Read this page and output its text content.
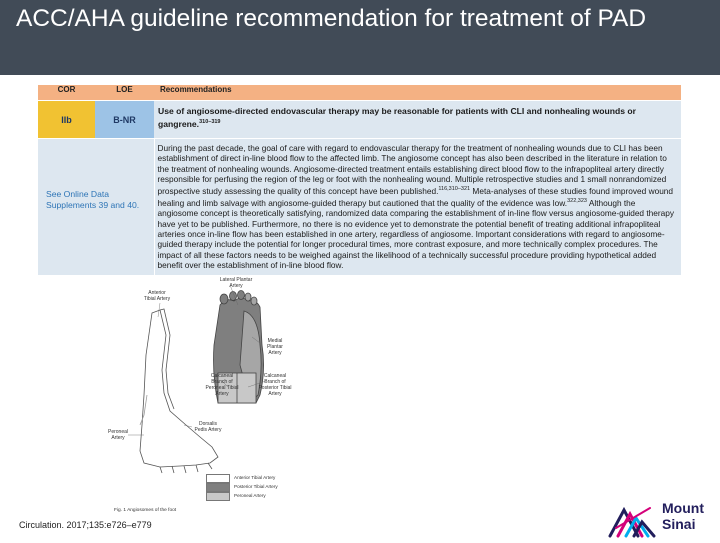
ACC/AHA guideline recommendation for treatment of PAD
COR	LOE	Recommendations
IIb	B-NR	Use of angiosome-directed endovascular therapy may be reasonable for patients with CLI and nonhealing wounds or gangrene.$^{310-319}$
See Online Data Supplements 39 and 40.		During the past decade, the goal of care with regard to endovascular therapy for the treatment of nonhealing wounds due to CLI has been establishment of direct in-line blood flow to the affected limb. The angiosome concept has also been described in the literature in relation to the treatment of nonhealing wounds. Angiosome-directed treatment entails establishing direct blood flow to the infrapopliteal artery directly responsible for perfusing the region of the leg or foot with the nonhealing wound. Multiple retrospective studies and 1 small nonrandomized prospective study assessing the quality of this concept have been published.$^{116,310-321}$ Meta-analyses of these studies found improved wound healing and limb salvage with angiosome-guided therapy but cautioned that the quality of the evidence was low.$^{322,323}$ Although the angiosome concept is theoretically satisfying, randomized data comparing the establishment of in-line flow versus angiosome-guided therapy have yet to be published. Furthermore, no there is no evidence yet to demonstrate the potential benefit of treating additional infrapopliteal arteries once in-line flow has been established in one artery, regardless of angiosome. Important considerations with regard to angiosome-guided therapy include the potential for longer procedural times, more contrast exposure, and more technically complex procedures. The impact of all these factors needs to be weighed against the likelihood of a technically successful procedure providing hypothetical added benefit over the establishment of in-line blood flow.
Lateral Plantar Artery
Anterior Tibial Artery
Medial Plantar Artery
Calcaneal Branch of Peroneal Tibial Artery
Calcaneal Branch of Posterior Tibial Artery
Peroneal Artery
Dorsalis Pedis Artery
Anterior Tibial Artery
Posterior Tibial Artery
Peroneal Artery
Fig. 1 Angiosomes of the foot
Circulation. 2017;135:e726–e779
Mount
Sinai
